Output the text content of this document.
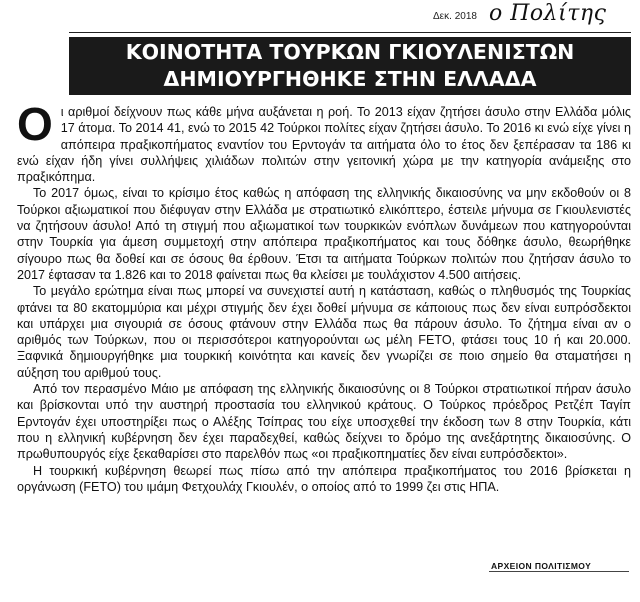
Δεκ. 2018 ο Πολίτης
ΚΟΙΝΟΤΗΤΑ ΤΟΥΡΚΩΝ ΓΚΙΟΥΛΕΝΙΣΤΩΝ
ΔΗΜΙΟΥΡΓΗΘΗΚΕ ΣΤΗΝ ΕΛΛΑΔΑ
Ο ι αριθμοί δείχνουν πως κάθε μήνα αυξάνεται η ροή. Το 2013 είχαν ζητήσει άσυλο στην Ελλάδα μόλις 17 άτομα. Το 2014 41, ενώ το 2015 42 Τούρκοι πολίτες είχαν ζητήσει άσυλο. Το 2016 κι ενώ είχε γίνει η απόπειρα πραξικοπήματος εναντίον του Ερντογάν τα αιτήματα όλο το έτος δεν ξεπέρασαν τα 186 κι ενώ είχαν ήδη γίνει συλλήψεις χιλιάδων πολιτών στην γειτονική χώρα με την κατηγορία ανάμειξης στο πραξικόπημα.

Το 2017 όμως, είναι το κρίσιμο έτος καθώς η απόφαση της ελληνικής δικαιοσύνης να μην εκδοθούν οι 8 Τούρκοι αξιωματικοί που διέφυγαν στην Ελλάδα με στρατιωτικό ελικόπτερο, έστειλε μήνυμα σε Γκιουλενιστές να ζητήσουν άσυλο! Από τη στιγμή που αξιωματικοί των τουρκικών ενόπλων δυνάμεων που κατηγορούνται στην Τουρκία για άμεση συμμετοχή στην απόπειρα πραξικοπήματος και τους δόθηκε άσυλο, θεωρήθηκε σίγουρο πως θα δοθεί και σε όσους θα έρθουν. Έτσι τα αιτήματα Τούρκων πολιτών που ζητήσαν άσυλο το 2017 έφτασαν τα 1.826 και το 2018 φαίνεται πως θα κλείσει με τουλάχιστον 4.500 αιτήσεις.

Το μεγάλο ερώτημα είναι πως μπορεί να συνεχιστεί αυτή η κατάσταση, καθώς ο πληθυσμός της Τουρκίας φτάνει τα 80 εκατομμύρια και μέχρι στιγμής δεν έχει δοθεί μήνυμα σε κάποιους πως δεν είναι ευπρόσδεκτοι και υπάρχει μια σιγουριά σε όσους φτάνουν στην Ελλάδα πως θα πάρουν άσυλο. Το ζήτημα είναι αν ο αριθμός των Τούρκων, που οι περισσότεροι κατηγορούνται ως μέλη FETO, φτάσει τους 10 ή και 20.000. Ξαφνικά δημιουργήθηκε μια τουρκική κοινότητα και κανείς δεν γνωρίζει σε ποιο σημείο θα σταματήσει η αύξηση του αριθμού τους.

Από τον περασμένο Μάιο με απόφαση της ελληνικής δικαιοσύνης οι 8 Τούρκοι στρατιωτικοί πήραν άσυλο και βρίσκονται υπό την αυστηρή προστασία του ελληνικού κράτους. Ο Τούρκος πρόεδρος Ρετζέπ Ταγίπ Ερντογάν έχει υποστηρίξει πως ο Αλέξης Τσίπρας του είχε υποσχεθεί την έκδοση των 8 στην Τουρκία, κάτι που η ελληνική κυβέρνηση δεν έχει παραδεχθεί, καθώς δείχνει το δρόμο της ανεξάρτητης δικαιοσύνης. Ο πρωθυπουργός είχε ξεκαθαρίσει στο παρελθόν πως «οι πραξικοπηματίες δεν είναι ευπρόσδεκτοι».

Η τουρκική κυβέρνηση θεωρεί πως πίσω από την απόπειρα πραξικοπήματος του 2016 βρίσκεται η οργάνωση (FETO) του ιμάμη Φετχουλάχ Γκιουλέν, ο οποίος από το 1999 ζει στις ΗΠΑ.

ΑΡΧΕΙΟΝ ΠΟΛΙΤΙΣΜΟΥ
